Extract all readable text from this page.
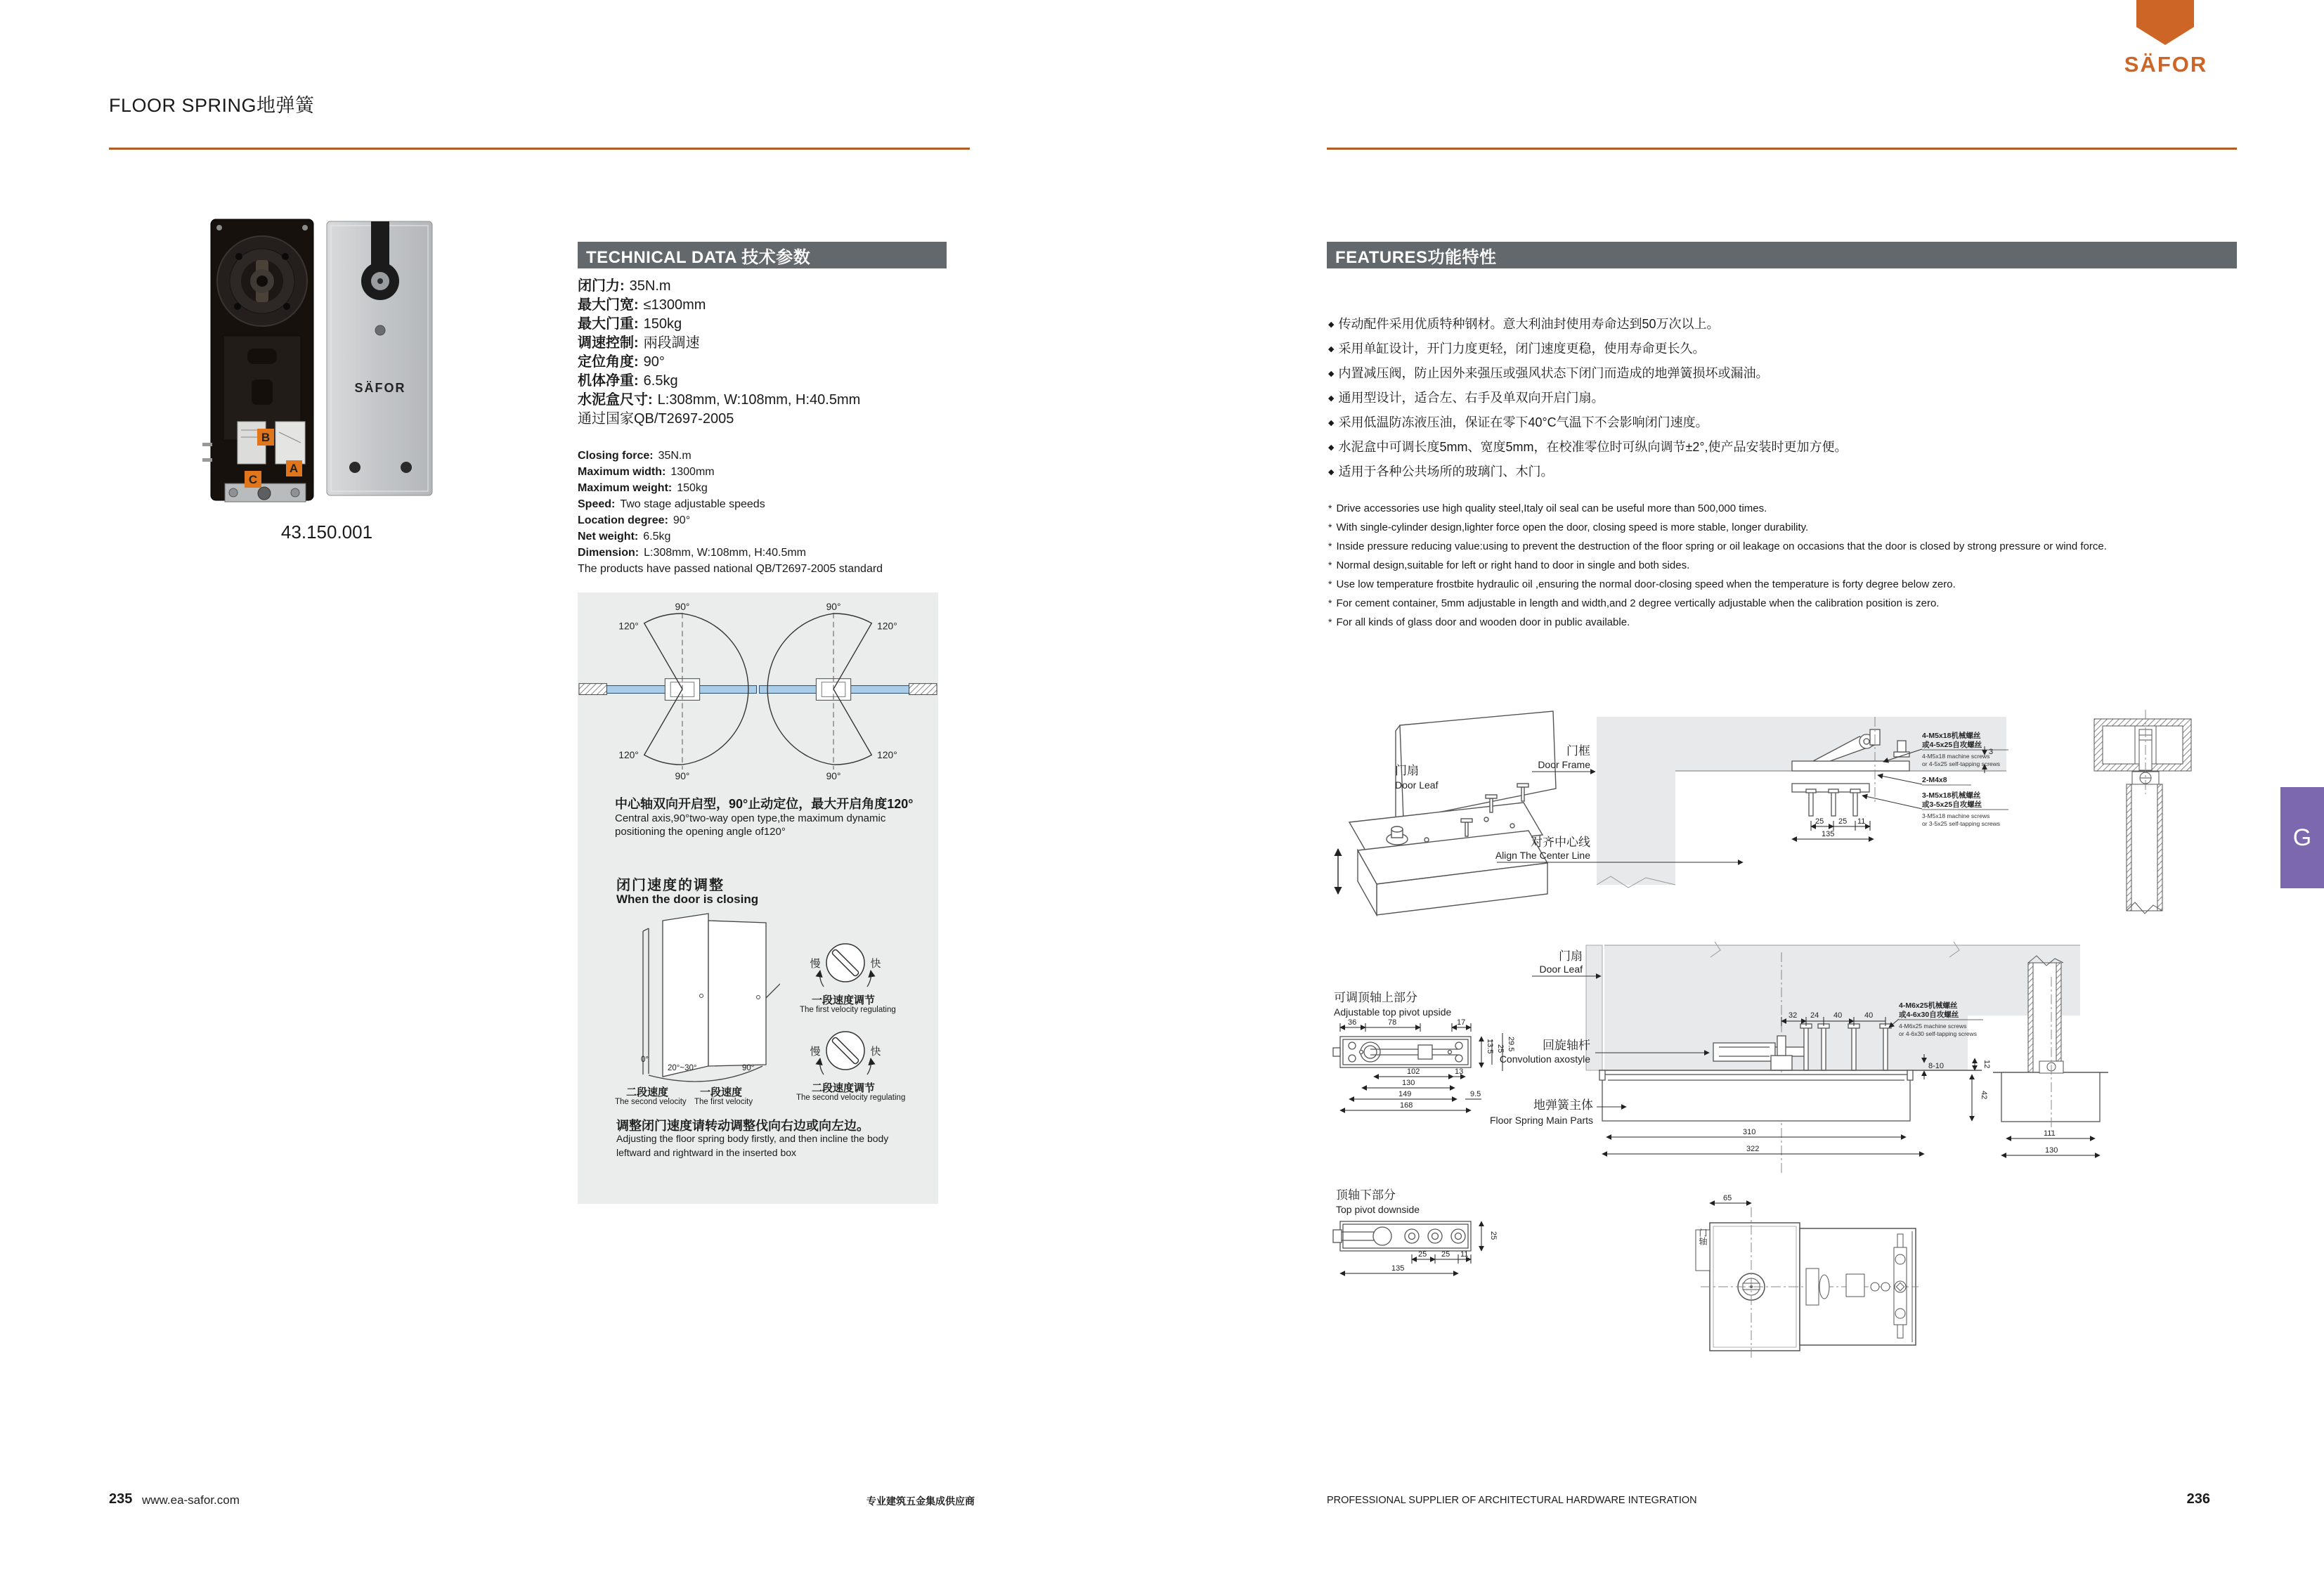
SÄFOR
FLOOR SPRING地弹簧
B
A
C
SÄFOR
43.150.001
TECHNICAL DATA 技术参数
闭门力: 35N.m
最大门宽: ≤1300mm
最大门重: 150kg
调速控制: 兩段調速
定位角度: 90°
机体净重: 6.5kg
水泥盒尺寸: L:308mm, W:108mm, H:40.5mm
通过国家QB/T2697-2005
Closing force: 35N.m
Maximum width: 1300mm
Maximum weight: 150kg
Speed: Two stage adjustable speeds
Location degree: 90°
Net weight: 6.5kg
Dimension: L:308mm, W:108mm, H:40.5mm
The products have passed national QB/T2697-2005 standard
90°	90°
120°	120°
120°	120°
90°	90°
中心轴双向开启型，90°止动定位，最大开启角度120°
Central axis,90°two-way open type,the maximum dynamic
positioning the opening angle of120°
闭门速度的调整
When the door is closing
0°
20°~30°	90°
慢	快
慢	快
二段速度
The second velocity
一段速度
The first velocity
一段速度调节
The first velocity regulating
二段速度调节
The second velocity regulating
调整闭门速度请转动调整伐向右边或向左边。
Adjusting the floor spring body firstly, and then incline the body
leftward and rightward in the inserted box
FEATURES功能特性
◆ 传动配件采用优质特种钢材。意大利油封使用寿命达到50万次以上。
◆ 采用单缸设计，开门力度更轻，闭门速度更稳，使用寿命更长久。
◆ 内置减压阀，防止因外来强压或强风状态下闭门而造成的地弹簧损坏或漏油。
◆ 通用型设计，适合左、右手及单双向开启门扇。
◆ 采用低温防冻液压油，保证在零下40°C气温下不会影响闭门速度。
◆ 水泥盒中可调长度5mm、宽度5mm，在校准零位时可纵向调节±2°,使产品安装时更加方便。
◆ 适用于各种公共场所的玻璃门、木门。
* Drive accessories use high quality steel,Italy oil seal can be useful more than 500,000 times.
* With single-cylinder design,lighter force open the door, closing speed is more stable, longer durability.
* Inside pressure reducing value:using to prevent the destruction of the floor spring or oil leakage on occasions that the door is closed by strong pressure or wind force.
* Normal design,suitable for left or right hand to door in single and both sides.
* Use low temperature frostbite hydraulic oil ,ensuring the normal door-closing speed when the temperature is forty degree below zero.
* For cement container, 5mm adjustable in length and width,and 2 degree vertically adjustable when the calibration position is zero.
* For all kinds of glass door and wooden door in public available.
门扇
Door Leaf
25 25 11
135
3
4-M5x18机械螺丝
或4-5x25自攻螺丝
4-M5x18 machine screws
or 4-5x25 self-tapping screws
2-M4x8
3-M5x18机械螺丝
或3-5x25自攻螺丝
3-M5x18 machine screws
or 3-5x25 self-tapping screws
门框
Door Frame
对齐中心线
Align The Center Line
可调顶轴上部分
Adjustable top pivot upside
36	78	17
13.5 25 29.5
102	13
130
149	9.5
168
门扇
Door Leaf
32 24 40	40
4-M6x25机械螺丝
或4-6x30自攻螺丝
4-M6x25 machine screws
or 4-6x30 self-tapping screws
8-10	12
42
310
322
回旋轴杆
Convolution axostyle
地弹簧主体
Floor Spring Main Parts
111
130
顶轴下部分
Top pivot downside
25
25 25 11
135
65
门轴
G
235 www.ea-safor.com	专业建筑五金集成供应商	PROFESSIONAL SUPPLIER OF ARCHITECTURAL HARDWARE INTEGRATION	236
